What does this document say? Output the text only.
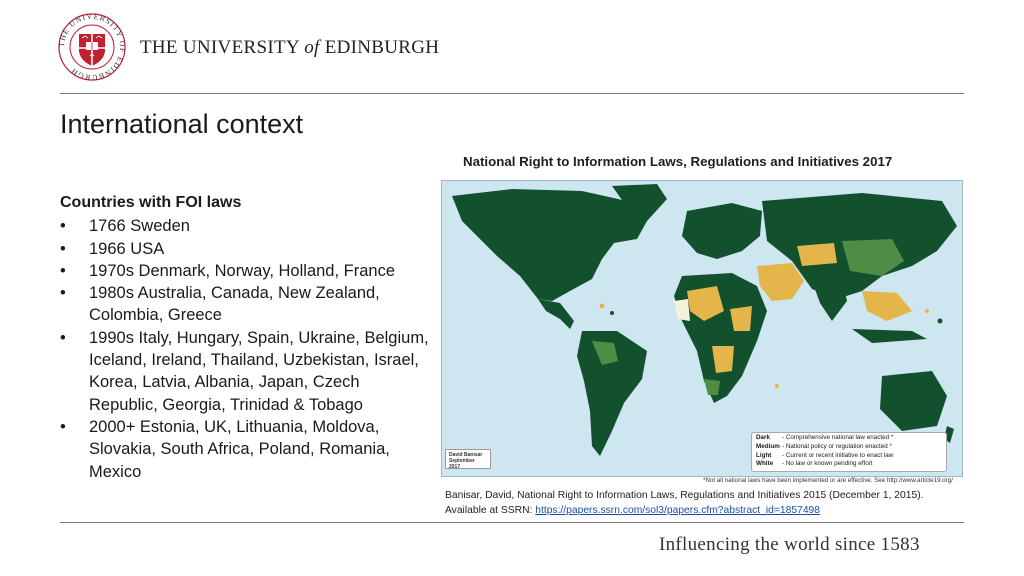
THE UNIVERSITY OF EDINBURGH
THE UNIVERSITY of EDINBURGH
International context
Countries with FOI laws
• 1766 Sweden
• 1966 USA
• 1970s Denmark, Norway, Holland, France
• 1980s Australia, Canada, New Zealand, Colombia, Greece
• 1990s Italy, Hungary, Spain, Ukraine, Belgium, Iceland, Ireland, Thailand, Uzbekistan, Israel, Korea, Latvia, Albania, Japan, Czech Republic, Georgia, Trinidad & Tobago
• 2000+ Estonia, UK, Lithuania, Moldova, Slovakia, South Africa, Poland, Romania, Mexico
National Right to Information Laws, Regulations and Initiatives 2017
Dark - Comprehensive national law enacted *
Medium - National policy or regulation enacted *
Light - Current or recent initiative to enact law
White - No law or known pending effort
David Banisar
September 2017
*Not all national laws have been implemented or are effective. See http://www.article19.org/
Banisar, David, National Right to Information Laws, Regulations and Initiatives 2015 (December 1, 2015). Available at SSRN: https://papers.ssrn.com/sol3/papers.cfm?abstract_id=1857498
Influencing the world since 1583
